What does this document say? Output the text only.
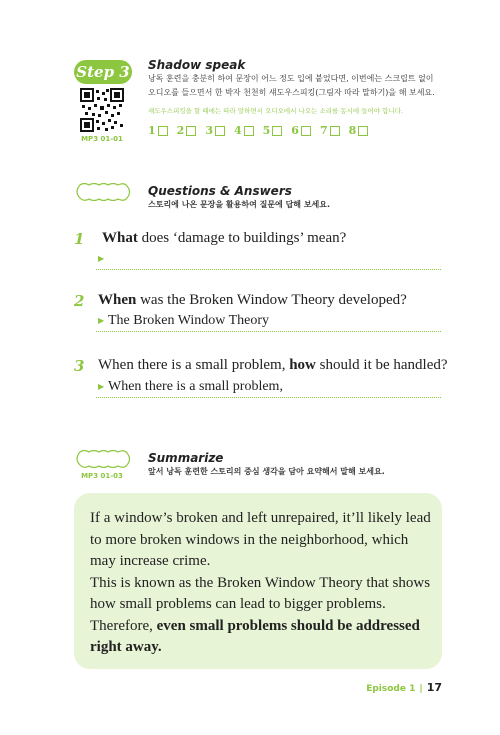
Step 3
MP3 01-01
Shadow speak
낭독 훈련을 충분히 하여 문장이 어느 정도 입에 붙었다면, 이번에는 스크립트 없이
오디오를 들으면서 한 박자 천천히 섀도우스피킹(그림자 따라 말하기)을 해 보세요.
섀도우스피킹을 할 때에는 따라 말하면서 오디오에서 나오는 소리를 동시에 들어야 합니다.
1 2 3 4 5 6 7 8
Questions & Answers
스토리에 나온 문장을 활용하여 질문에 답해 보세요.
1 What does ‘damage to buildings’ mean?
▶
2 When was the Broken Window Theory developed?
▶ The Broken Window Theory
3 When there is a small problem, how should it be handled?
▶ When there is a small problem,
MP3 01-03
Summarize
앞서 낭독 훈련한 스토리의 중심 생각을 담아 요약해서 말해 보세요.
If a window’s broken and left unrepaired, it’ll likely lead
to more broken windows in the neighborhood, which
may increase crime.
This is known as the Broken Window Theory that shows
how small problems can lead to bigger problems.
Therefore, even small problems should be addressed
right away.
Episode 1 | 17
